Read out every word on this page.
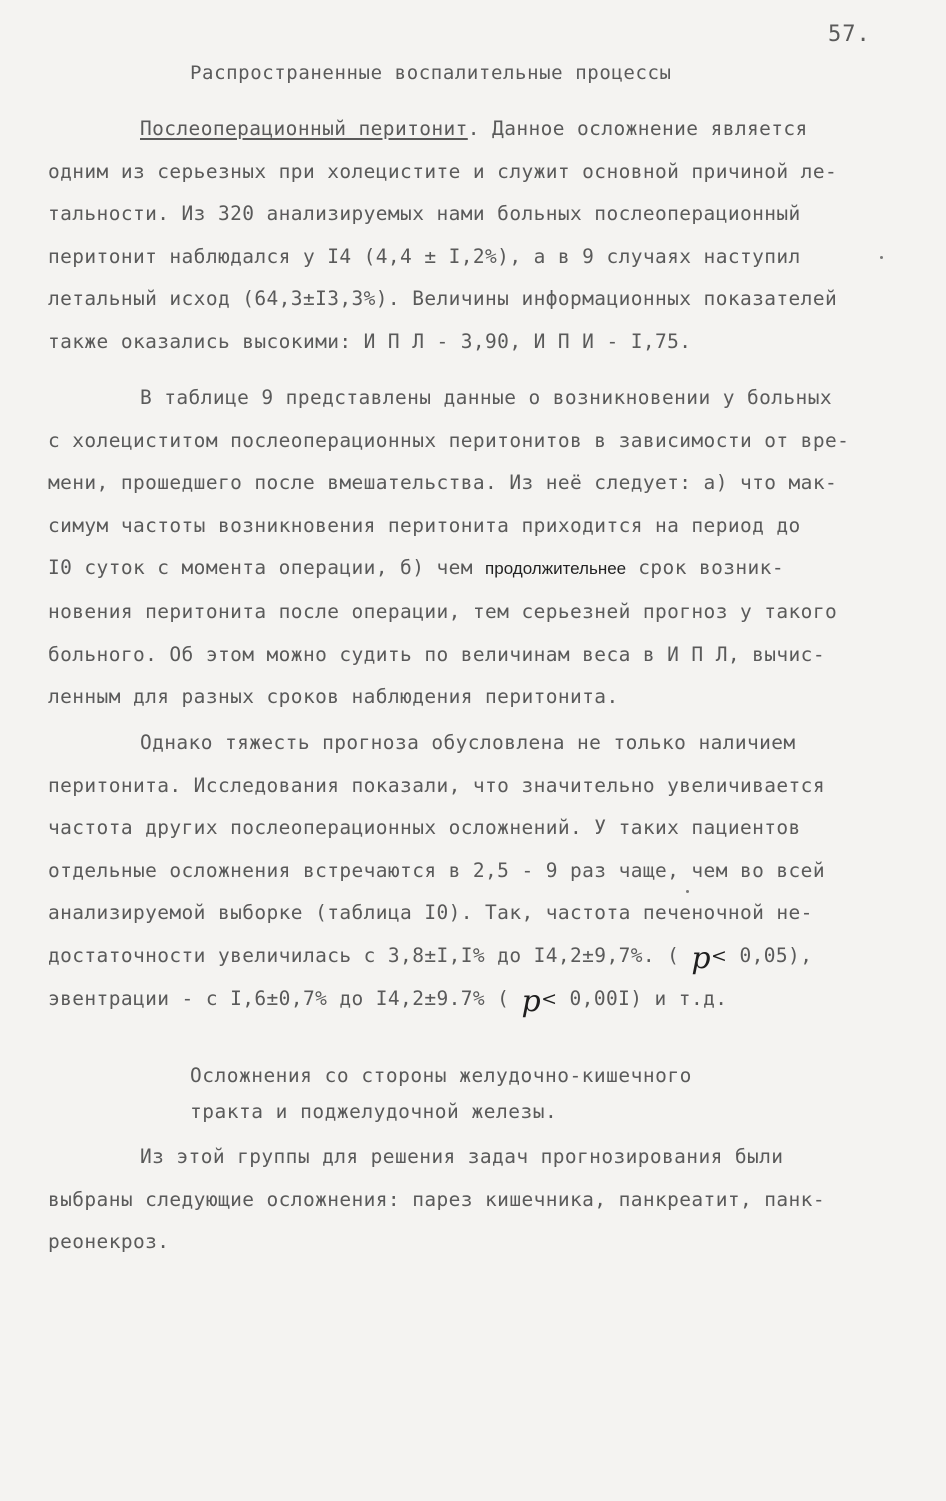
57.
Распространенные воспалительные процессы
Послеоперационный перитонит. Данное осложнение является
одним из серьезных при холецистите и служит основной причиной ле-
тальности. Из 320 анализируемых нами больных послеоперационный
перитонит наблюдался у I4 (4,4 ± I,2%), а в 9 случаях наступил
летальный исход (64,3±I3,3%). Величины информационных показателей
также оказались высокими: И П Л - 3,90, И П И - I,75.
В таблице 9 представлены данные о возникновении у больных
с холециститом послеоперационных перитонитов в зависимости от вре-
мени, прошедшего после вмешательства. Из неё следует: а) что мак-
симум частоты возникновения перитонита приходится на период до
I0 суток с момента операции, б) чем продолжительнее срок возник-
новения перитонита после операции, тем серьезней прогноз у такого
больного. Об этом можно судить по величинам веса в И П Л, вычис-
ленным для разных сроков наблюдения перитонита.
Однако тяжесть прогноза обусловлена не только наличием
перитонита. Исследования показали, что значительно увеличивается
частота других послеоперационных осложнений. У таких пациентов
отдельные осложнения встречаются в 2,5 - 9 раз чаще, чем во всей
анализируемой выборке (таблица I0). Так, частота печеночной не-
достаточности увеличилась с 3,8±I,I% до I4,2±9,7%. ( p< 0,05),
эвентрации - с I,6±0,7% до I4,2±9.7% ( p< 0,00I) и т.д.
Осложнения со стороны желудочно-кишечного
тракта и поджелудочной железы.
Из этой группы для решения задач прогнозирования были
выбраны следующие осложнения: парез кишечника, панкреатит, панк-
реонекроз.
